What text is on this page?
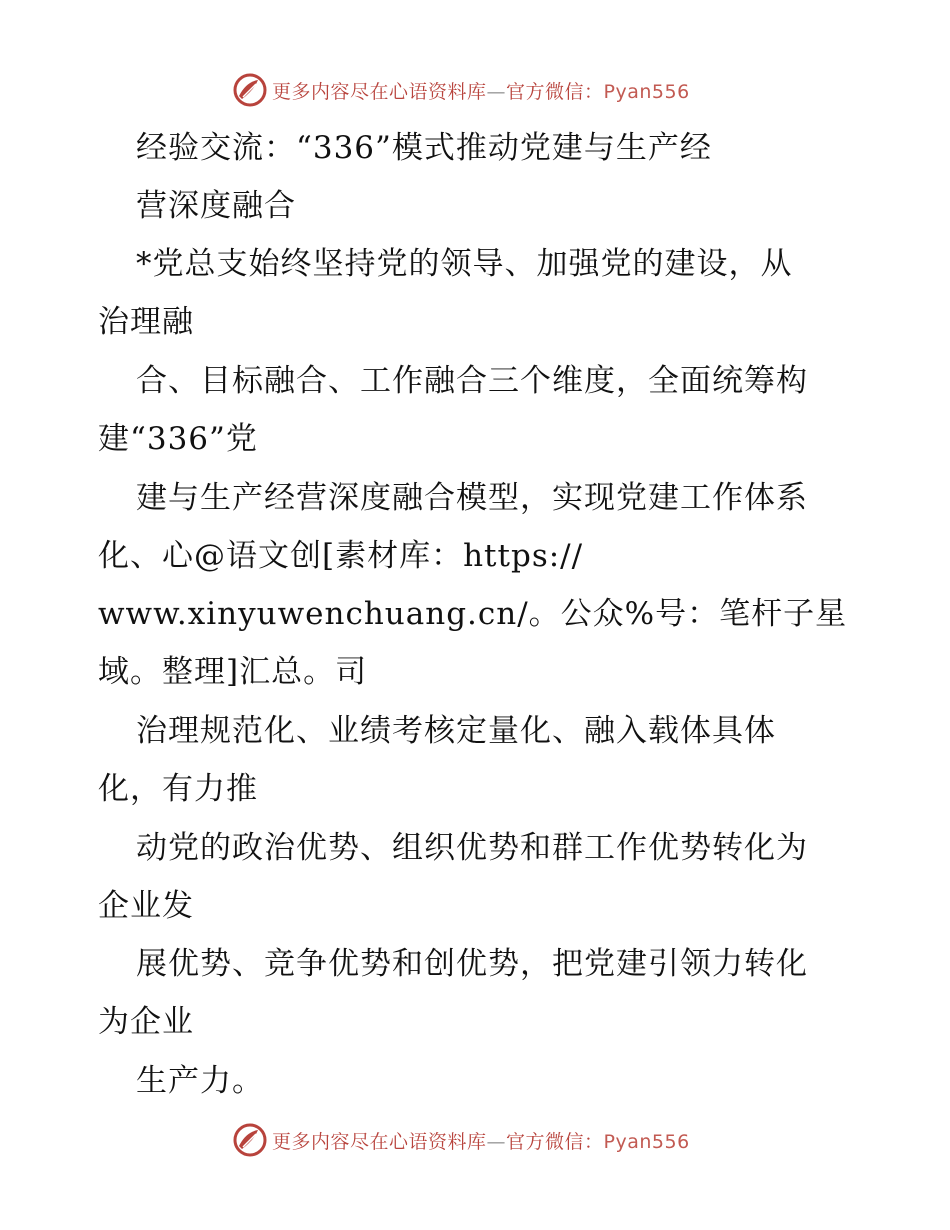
更多内容尽在心语资料库—官方微信：Pyan556
经验交流：“336”模式推动党建与生产经
营深度融合
*党总支始终坚持党的领导、加强党的建设，从
治理融
合、目标融合、工作融合三个维度，全面统筹构
建“336”党
建与生产经营深度融合模型，实现党建工作体系
化、心@语文创[素材库：https://
www.xinyuwenchuang.cn/。公众%号：笔杆子星
域。整理]汇总。司
治理规范化、业绩考核定量化、融入载体具体
化，有力推
动党的政治优势、组织优势和群工作优势转化为
企业发
展优势、竞争优势和创优势，把党建引领力转化
为企业
生产力。
更多内容尽在心语资料库—官方微信：Pyan556
